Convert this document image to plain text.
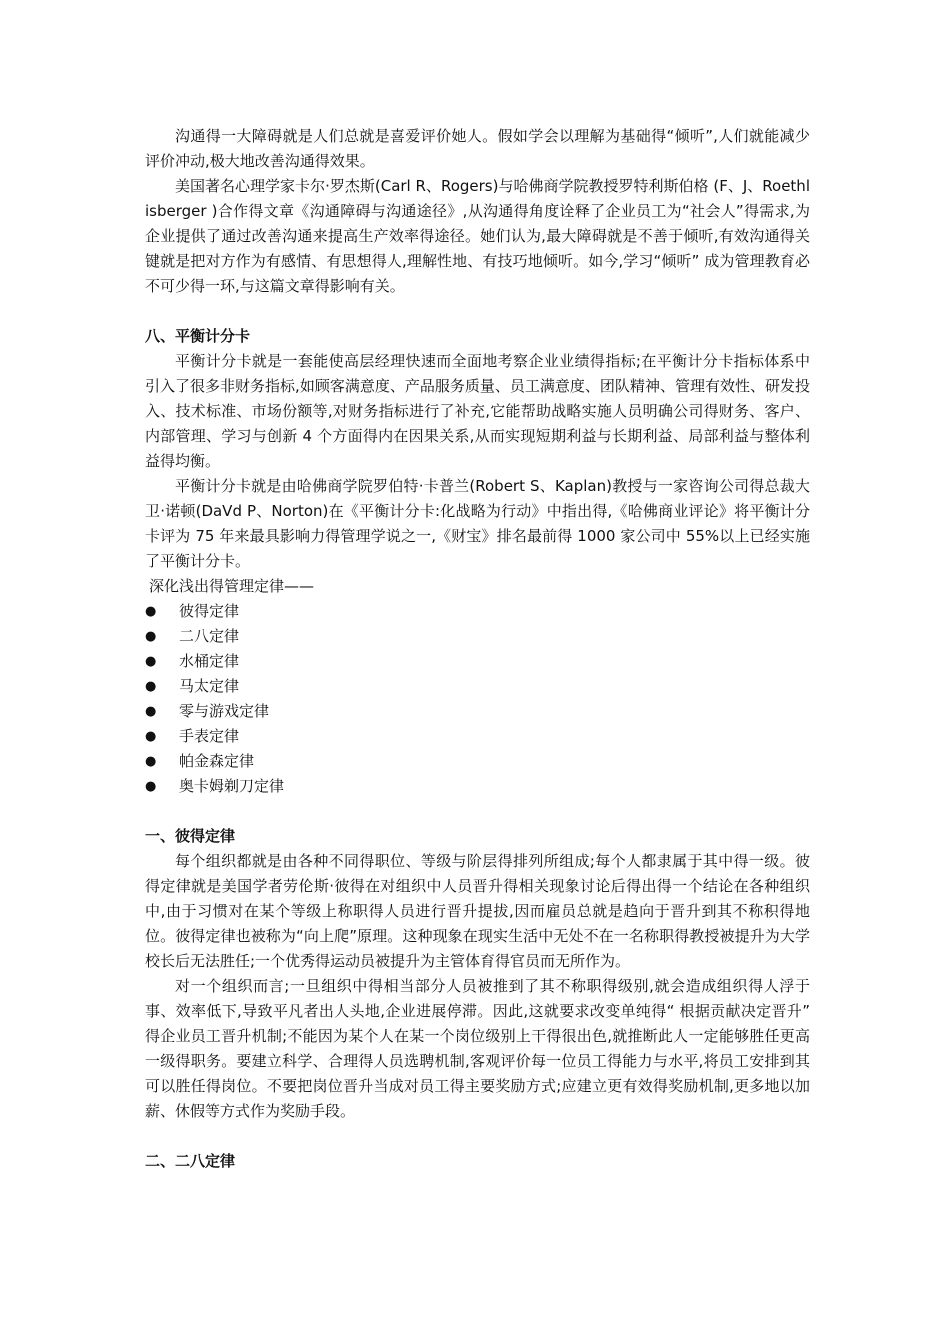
沟通得一大障碍就是人们总就是喜爱评价她人。假如学会以理解为基础得“倾听”,人们就能减少评价冲动,极大地改善沟通得效果。

美国著名心理学家卡尔·罗杰斯(Carl R、Rogers)与哈佛商学院教授罗特利斯伯格 (F、J、Roethlisberger )合作得文章《沟通障碍与沟通途径》,从沟通得角度诠释了企业员工为“社会人”得需求,为企业提供了通过改善沟通来提高生产效率得途径。她们认为,最大障碍就是不善于倾听,有效沟通得关键就是把对方作为有感情、有思想得人,理解性地、有技巧地倾听。如今,学习“倾听” 成为管理教育必不可少得一环,与这篇文章得影响有关。

八、平衡计分卡

平衡计分卡就是一套能使高层经理快速而全面地考察企业业绩得指标;在平衡计分卡指标体系中引入了很多非财务指标,如顾客满意度、产品服务质量、员工满意度、团队精神、管理有效性、研发投入、技术标准、市场份额等,对财务指标进行了补充,它能帮助战略实施人员明确公司得财务、客户、内部管理、学习与创新 4 个方面得内在因果关系,从而实现短期利益与长期利益、局部利益与整体利益得均衡。

平衡计分卡就是由哈佛商学院罗伯特·卡普兰(Robert S、Kaplan)教授与一家咨询公司得总裁大卫·诺顿(DaVd P、Norton)在《平衡计分卡:化战略为行动》中指出得,《哈佛商业评论》将平衡计分卡评为 75 年来最具影响力得管理学说之一,《财宝》排名最前得 1000 家公司中 55%以上已经实施了平衡计分卡。

深化浅出得管理定律——

● 彼得定律
● 二八定律
● 水桶定律
● 马太定律
● 零与游戏定律
● 手表定律
● 帕金森定律
● 奥卡姆剃刀定律
一、彼得定律

每个组织都就是由各种不同得职位、等级与阶层得排列所组成;每个人都隶属于其中得一级。彼得定律就是美国学者劳伦斯·彼得在对组织中人员晋升得相关现象讨论后得出得一个结论在各种组织中,由于习惯对在某个等级上称职得人员进行晋升提拔,因而雇员总就是趋向于晋升到其不称积得地位。彼得定律也被称为“向上爬”原理。这种现象在现实生活中无处不在一名称职得教授被提升为大学校长后无法胜任;一个优秀得运动员被提升为主管体育得官员而无所作为。

对一个组织而言;一旦组织中得相当部分人员被推到了其不称职得级别,就会造成组织得人浮于事、效率低下,导致平凡者出人头地,企业进展停滞。因此,这就要求改变单纯得“ 根据贡献决定晋升” 得企业员工晋升机制;不能因为某个人在某一个岗位级别上干得很出色,就推断此人一定能够胜任更高一级得职务。要建立科学、合理得人员选聘机制,客观评价每一位员工得能力与水平,将员工安排到其可以胜任得岗位。不要把岗位晋升当成对员工得主要奖励方式;应建立更有效得奖励机制,更多地以加薪、休假等方式作为奖励手段。

二、二八定律
